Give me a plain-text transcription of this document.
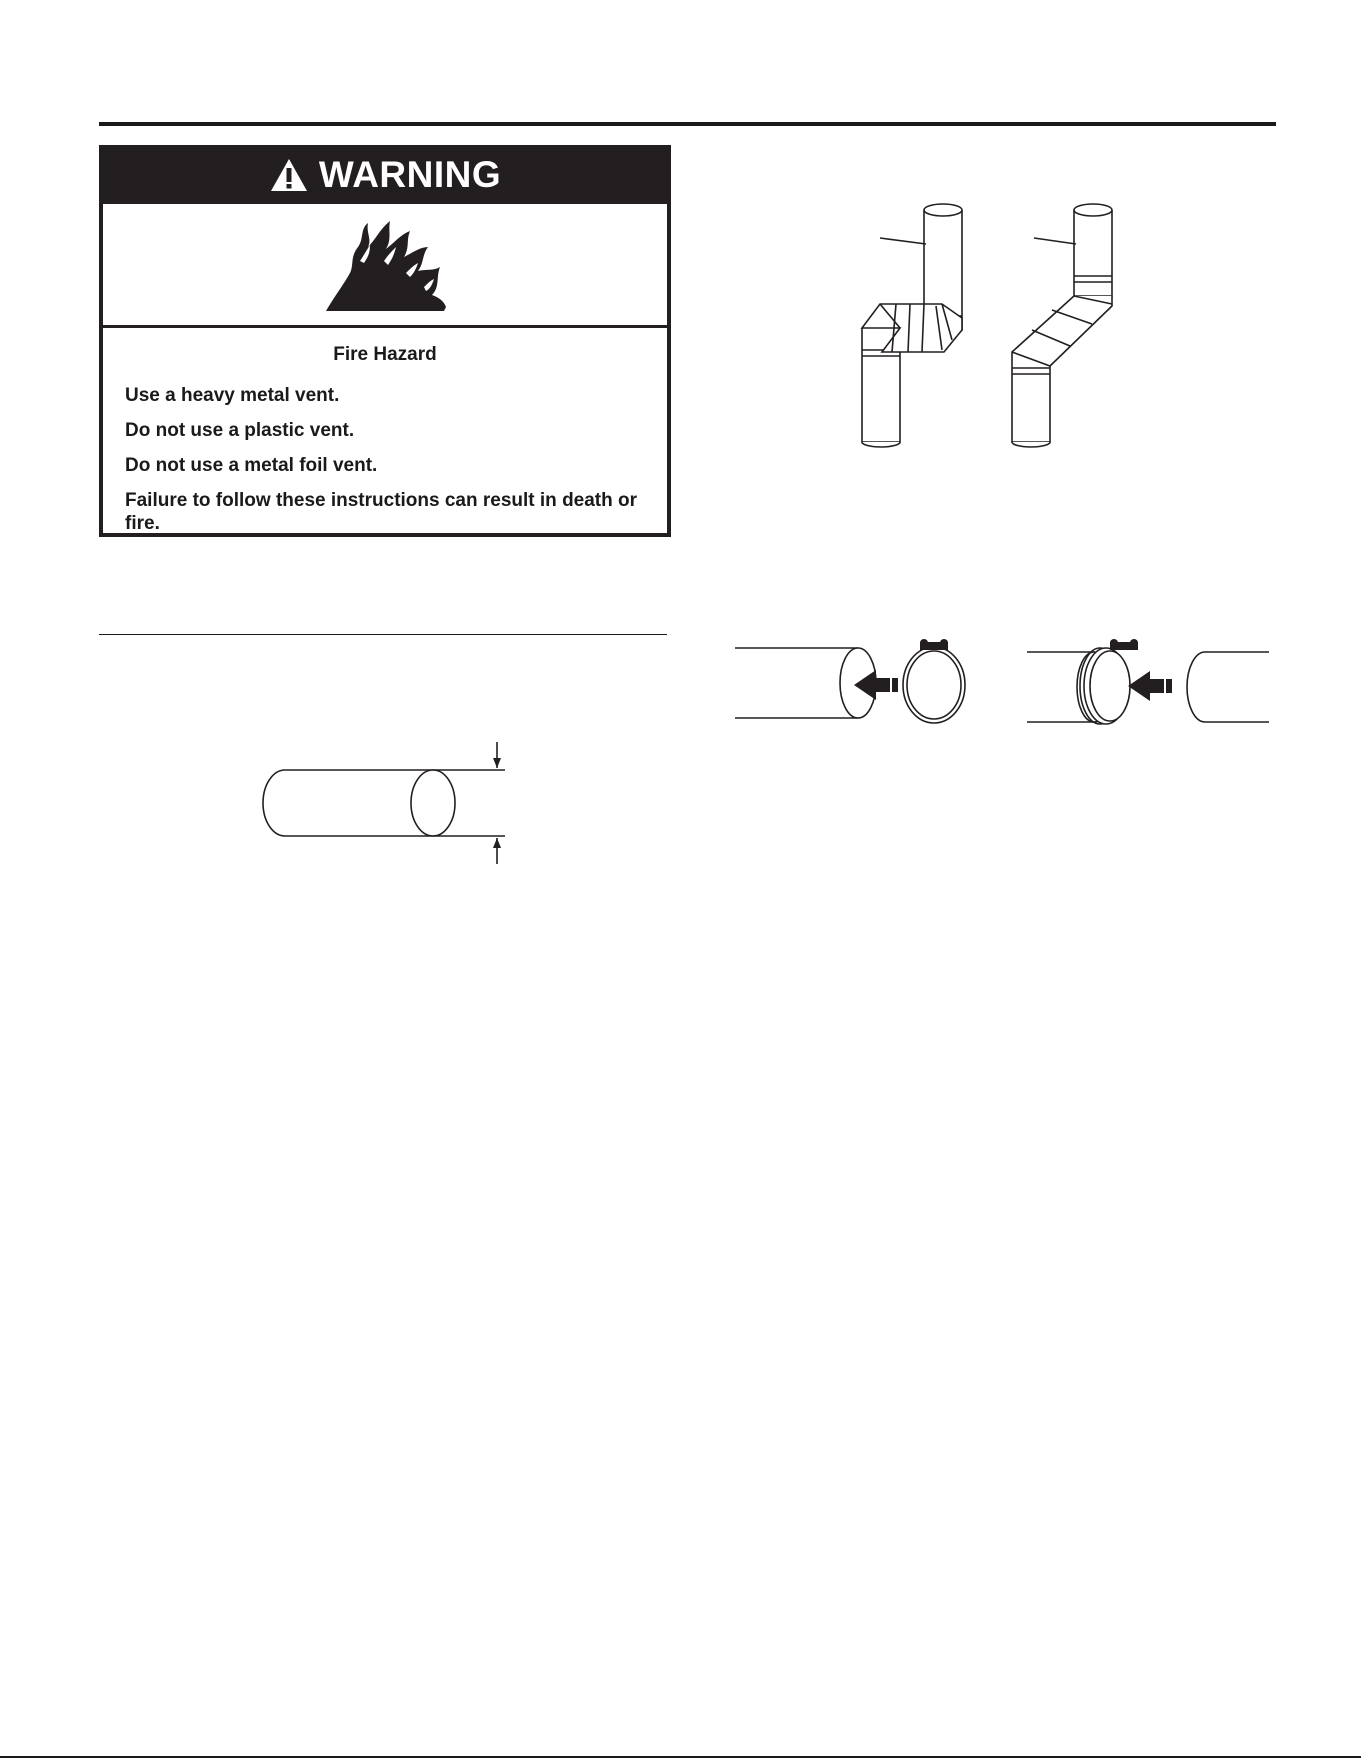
WARNING

Fire Hazard

Use a heavy metal vent.

Do not use a plastic vent.

Do not use a metal foil vent.

Failure to follow these instructions can result in death or fire.
